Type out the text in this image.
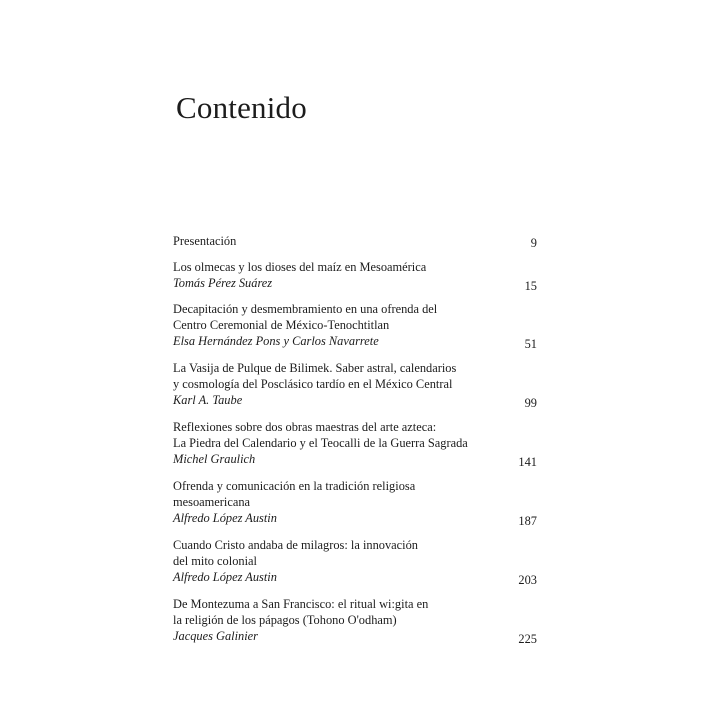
Contenido
Presentación	9
Los olmecas y los dioses del maíz en Mesoamérica
Tomás Pérez Suárez	15
Decapitación y desmembramiento en una ofrenda del
Centro Ceremonial de México-Tenochtitlan
Elsa Hernández Pons y Carlos Navarrete	51
La Vasija de Pulque de Bilimek. Saber astral, calendarios
y cosmología del Posclásico tardío en el México Central
Karl A. Taube	99
Reflexiones sobre dos obras maestras del arte azteca:
La Piedra del Calendario y el Teocalli de la Guerra Sagrada
Michel Graulich	141
Ofrenda y comunicación en la tradición religiosa
mesoamericana
Alfredo López Austin	187
Cuando Cristo andaba de milagros: la innovación
del mito colonial
Alfredo López Austin	203
De Montezuma a San Francisco: el ritual wi:gita en
la religión de los pápagos (Tohono O'odham)
Jacques Galinier	225
